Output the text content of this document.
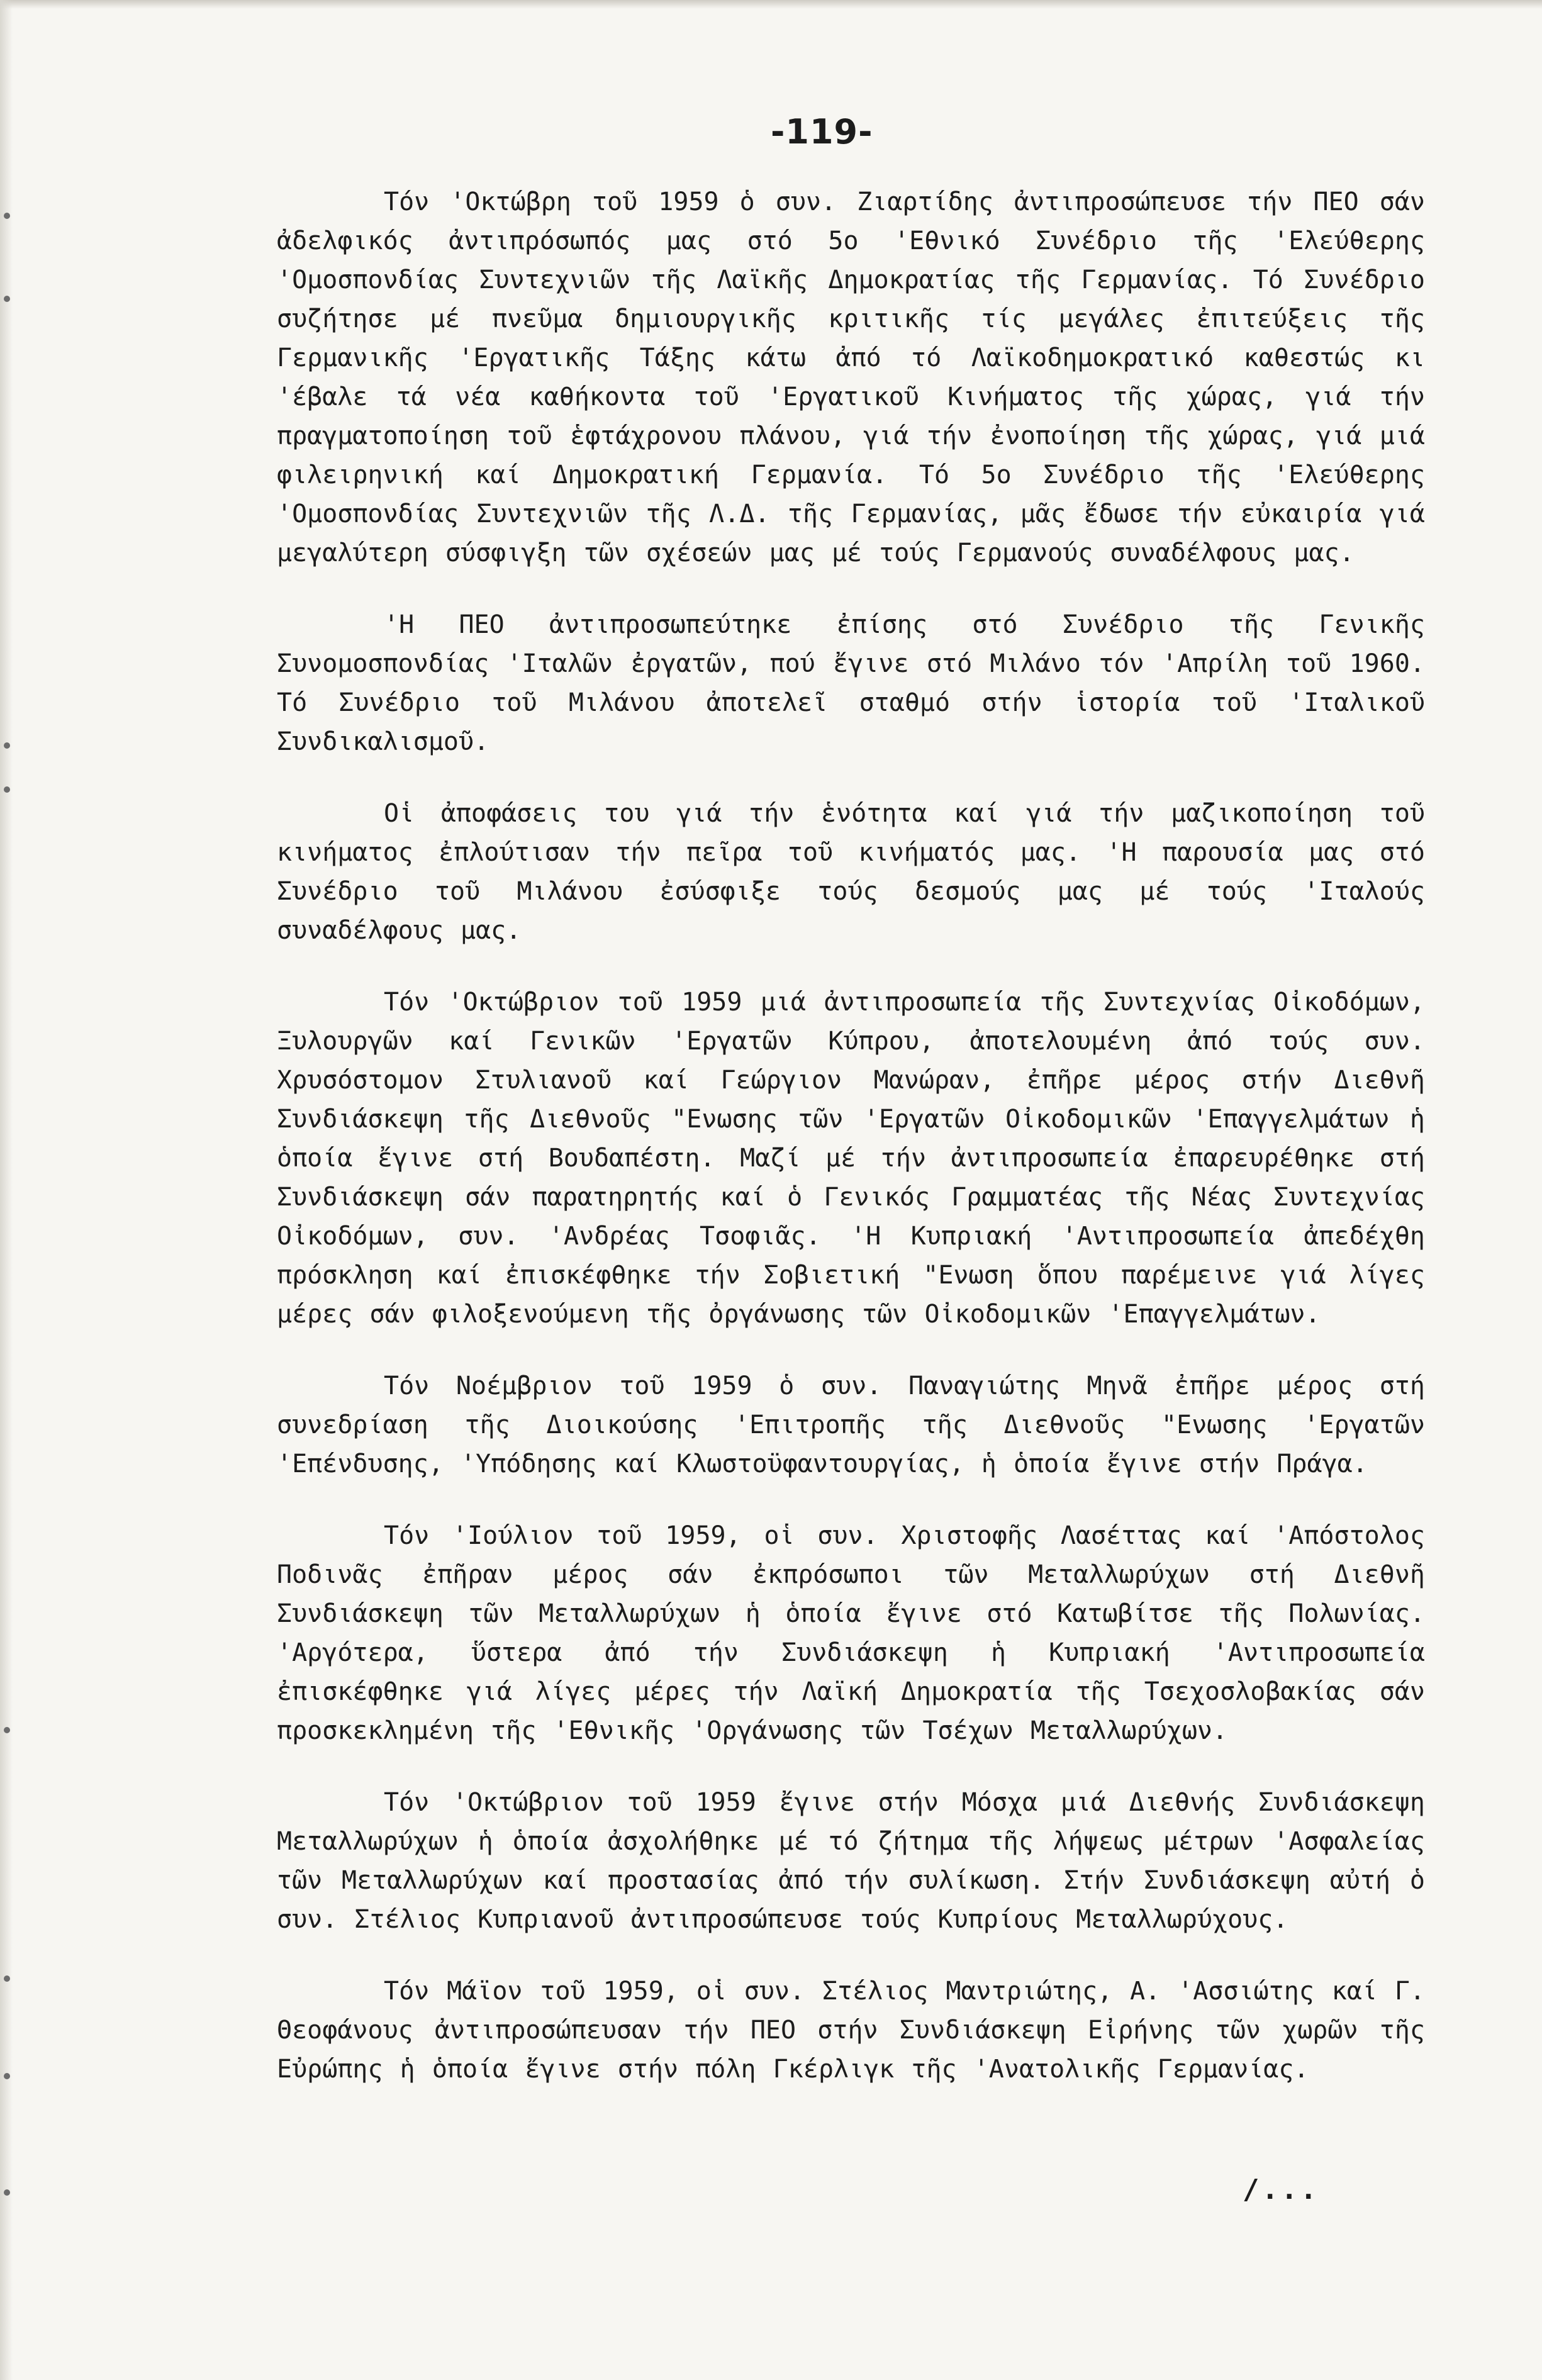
-119-

Τόν 'Οκτώβρη τοῦ 1959 ὁ συν. Ζιαρτίδης ἀντιπροσώπευσε τήν ΠΕΟ σάν ἀδελφικός ἀντιπρόσωπός μας στό 5ο 'Εθνικό Συνέδριο τῆς 'Ελεύθερης 'Ομοσπονδίας Συντεχνιῶν τῆς Λαϊκῆς Δημοκρατίας τῆς Γερμανίας. Τό Συνέδριο συζήτησε μέ πνεῦμα δημιουργικῆς κριτικῆς τίς μεγάλες ἐπιτεύξεις τῆς Γερμανικῆς 'Εργατικῆς Τάξης κάτω ἀπό τό Λαϊκοδημοκρατικό καθεστώς κι 'έβαλε τά νέα καθήκοντα τοῦ 'Εργατικοῦ Κινήματος τῆς χώρας, γιά τήν πραγματοποίηση τοῦ ἑφτάχρονου πλάνου, γιά τήν ἐνοποίηση τῆς χώρας, γιά μιά φιλειρηνική καί Δημοκρατική Γερμανία. Τό 5ο Συνέδριο τῆς 'Ελεύθερης 'Ομοσπονδίας Συντεχνιῶν τῆς Λ.Δ. τῆς Γερμανίας, μᾶς ἔδωσε τήν εὐκαιρία γιά μεγαλύτερη σύσφιγξη τῶν σχέσεών μας μέ τούς Γερμανούς συναδέλφους μας.

'Η ΠΕΟ ἀντιπροσωπεύτηκε ἐπίσης στό Συνέδριο τῆς Γενικῆς Συνομοσπονδίας 'Ιταλῶν ἐργατῶν, πού ἔγινε στό Μιλάνο τόν 'Απρίλη τοῦ 1960. Τό Συνέδριο τοῦ Μιλάνου ἀποτελεῖ σταθμό στήν ἱστορία τοῦ 'Ιταλικοῦ Συνδικαλισμοῦ.

Οἱ ἀποφάσεις του γιά τήν ἑνότητα καί γιά τήν μαζικοποίηση τοῦ κινήματος ἐπλούτισαν τήν πεῖρα τοῦ κινήματός μας. 'Η παρουσία μας στό Συνέδριο τοῦ Μιλάνου ἐσύσφιξε τούς δεσμούς μας μέ τούς 'Ιταλούς συναδέλφους μας.

Τόν 'Οκτώβριον τοῦ 1959 μιά ἀντιπροσωπεία τῆς Συντεχνίας Οἰκοδόμων, Ξυλουργῶν καί Γενικῶν 'Εργατῶν Κύπρου, ἀποτελουμένη ἀπό τούς συν. Χρυσόστομον Στυλιανοῦ καί Γεώργιον Μανώραν, ἐπῆρε μέρος στήν Διεθνῆ Συνδιάσκεψη τῆς Διεθνοῦς "Ενωσης τῶν 'Εργατῶν Οἰκοδομικῶν 'Επαγγελμάτων ἡ ὁποία ἔγινε στή Βουδαπέστη. Μαζί μέ τήν ἀντιπροσωπεία ἐπαρευρέθηκε στή Συνδιάσκεψη σάν παρατηρητής καί ὁ Γενικός Γραμματέας τῆς Νέας Συντεχνίας Οἰκοδόμων, συν. 'Ανδρέας Τσοφιᾶς. 'Η Κυπριακή 'Αντιπροσωπεία ἀπεδέχθη πρόσκληση καί ἐπισκέφθηκε τήν Σοβιετική "Ενωση ὅπου παρέμεινε γιά λίγες μέρες σάν φιλοξενούμενη τῆς ὀργάνωσης τῶν Οἰκοδομικῶν 'Επαγγελμάτων.

Τόν Νοέμβριον τοῦ 1959 ὁ συν. Παναγιώτης Μηνᾶ ἐπῆρε μέρος στή συνεδρίαση τῆς Διοικούσης 'Επιτροπῆς τῆς Διεθνοῦς "Ενωσης 'Εργατῶν 'Επένδυσης, 'Υπόδησης καί Κλωστοϋφαντουργίας, ἡ ὁποία ἔγινε στήν Πράγα.

Τόν 'Ιούλιον τοῦ 1959, οἱ συν. Χριστοφῆς Λασέττας καί 'Απόστολος Ποδινᾶς ἐπῆραν μέρος σάν ἐκπρόσωποι τῶν Μεταλλωρύχων στή Διεθνῆ Συνδιάσκεψη τῶν Μεταλλωρύχων ἡ ὁποία ἔγινε στό Κατωβίτσε τῆς Πολωνίας. 'Αργότερα, ὕστερα ἀπό τήν Συνδιάσκεψη ἡ Κυπριακή 'Αντιπροσωπεία ἐπισκέφθηκε γιά λίγες μέρες τήν Λαϊκή Δημοκρατία τῆς Τσεχοσλοβακίας σάν προσκεκλημένη τῆς 'Εθνικῆς 'Οργάνωσης τῶν Τσέχων Μεταλλωρύχων.

Τόν 'Οκτώβριον τοῦ 1959 ἔγινε στήν Μόσχα μιά Διεθνής Συνδιάσκεψη Μεταλλωρύχων ἡ ὁποία ἀσχολήθηκε μέ τό ζήτημα τῆς λήψεως μέτρων 'Ασφαλείας τῶν Μεταλλωρύχων καί προστασίας ἀπό τήν συλίκωση. Στήν Συνδιάσκεψη αὐτή ὁ συν. Στέλιος Κυπριανοῦ ἀντιπροσώπευσε τούς Κυπρίους Μεταλλωρύχους.

Τόν Μάϊον τοῦ 1959, οἱ συν. Στέλιος Μαντριώτης, Α. 'Ασσιώτης καί Γ. Θεοφάνους ἀντιπροσώπευσαν τήν ΠΕΟ στήν Συνδιάσκεψη Εἰρήνης τῶν χωρῶν τῆς Εὐρώπης ἡ ὁποία ἔγινε στήν πόλη Γκέρλιγκ τῆς 'Ανατολικῆς Γερμανίας.

/...
